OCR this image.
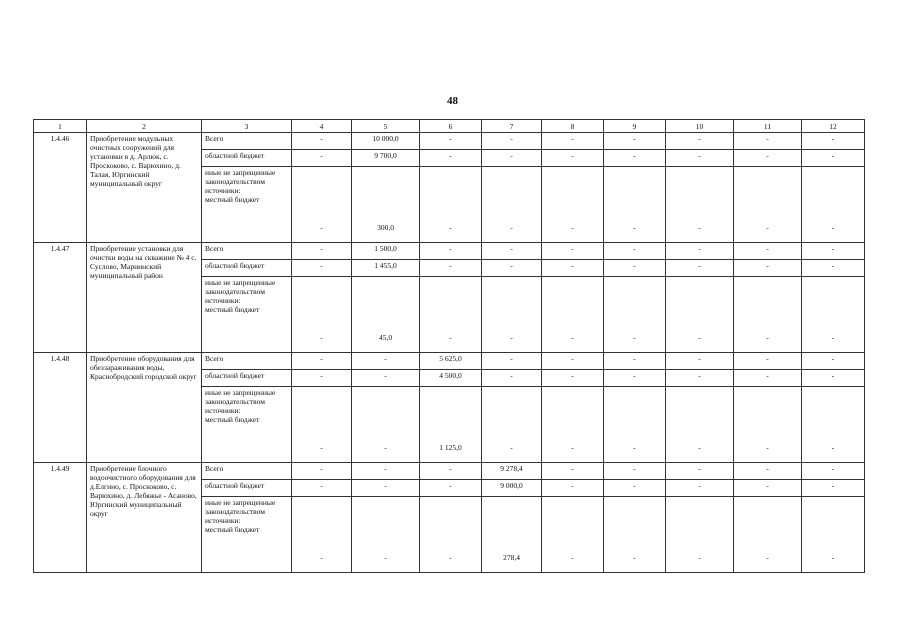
48
1	2	3	4	5	6	7	8	9	10	11	12
1.4.46	Приобретение модульных очистных сооружений для установки в д. Арлюк, с. Проскоково, с. Варюхино, д. Талая, Юргинский муниципальный округ	Всего	-	10 000,0	-	-	-	-	-	-	-
		областной бюджет	-	9 700,0	-	-	-	-	-	-	-

		иные не запрещенные законодательством источники:
местный бюджет	-	300,0	-	-	-	-	-	-	-
1.4.47	Приобретение установки для очистки воды на скважине № 4 с. Суслово, Мариинский муниципальный район	Всего	-	1 500,0	-	-	-	-	-	-	-
		областной бюджет	-	1 455,0	-	-	-	-	-	-	-

		иные не запрещенные законодательством источники:
местный бюджет	-	45,0	-	-	-	-	-	-	-
1.4.48	Приобретение оборудования для обеззараживания воды, Краснобродский городской округ	Всего	-	-	5 625,0	-	-	-	-	-	-
		областной бюджет	-	-	4 500,0	-	-	-	-	-	-

		иные не запрещенные законодательством источники:
местный бюджет	-	-	1 125,0	-	-	-	-	-	-
1.4.49	Приобретение блочного водоочистного оборудования для д.Елгино, с. Проскоково, с. Варюхино, д. Лебяжье - Асаново, Юргинский муниципальный округ	Всего	-	-	-	9 278,4	-	-	-	-	-
		областной бюджет	-	-	-	9 000,0	-	-	-	-	-

		иные не запрещенные законодательством источники:
местный бюджет	-	-	-	278,4	-	-	-	-	-
